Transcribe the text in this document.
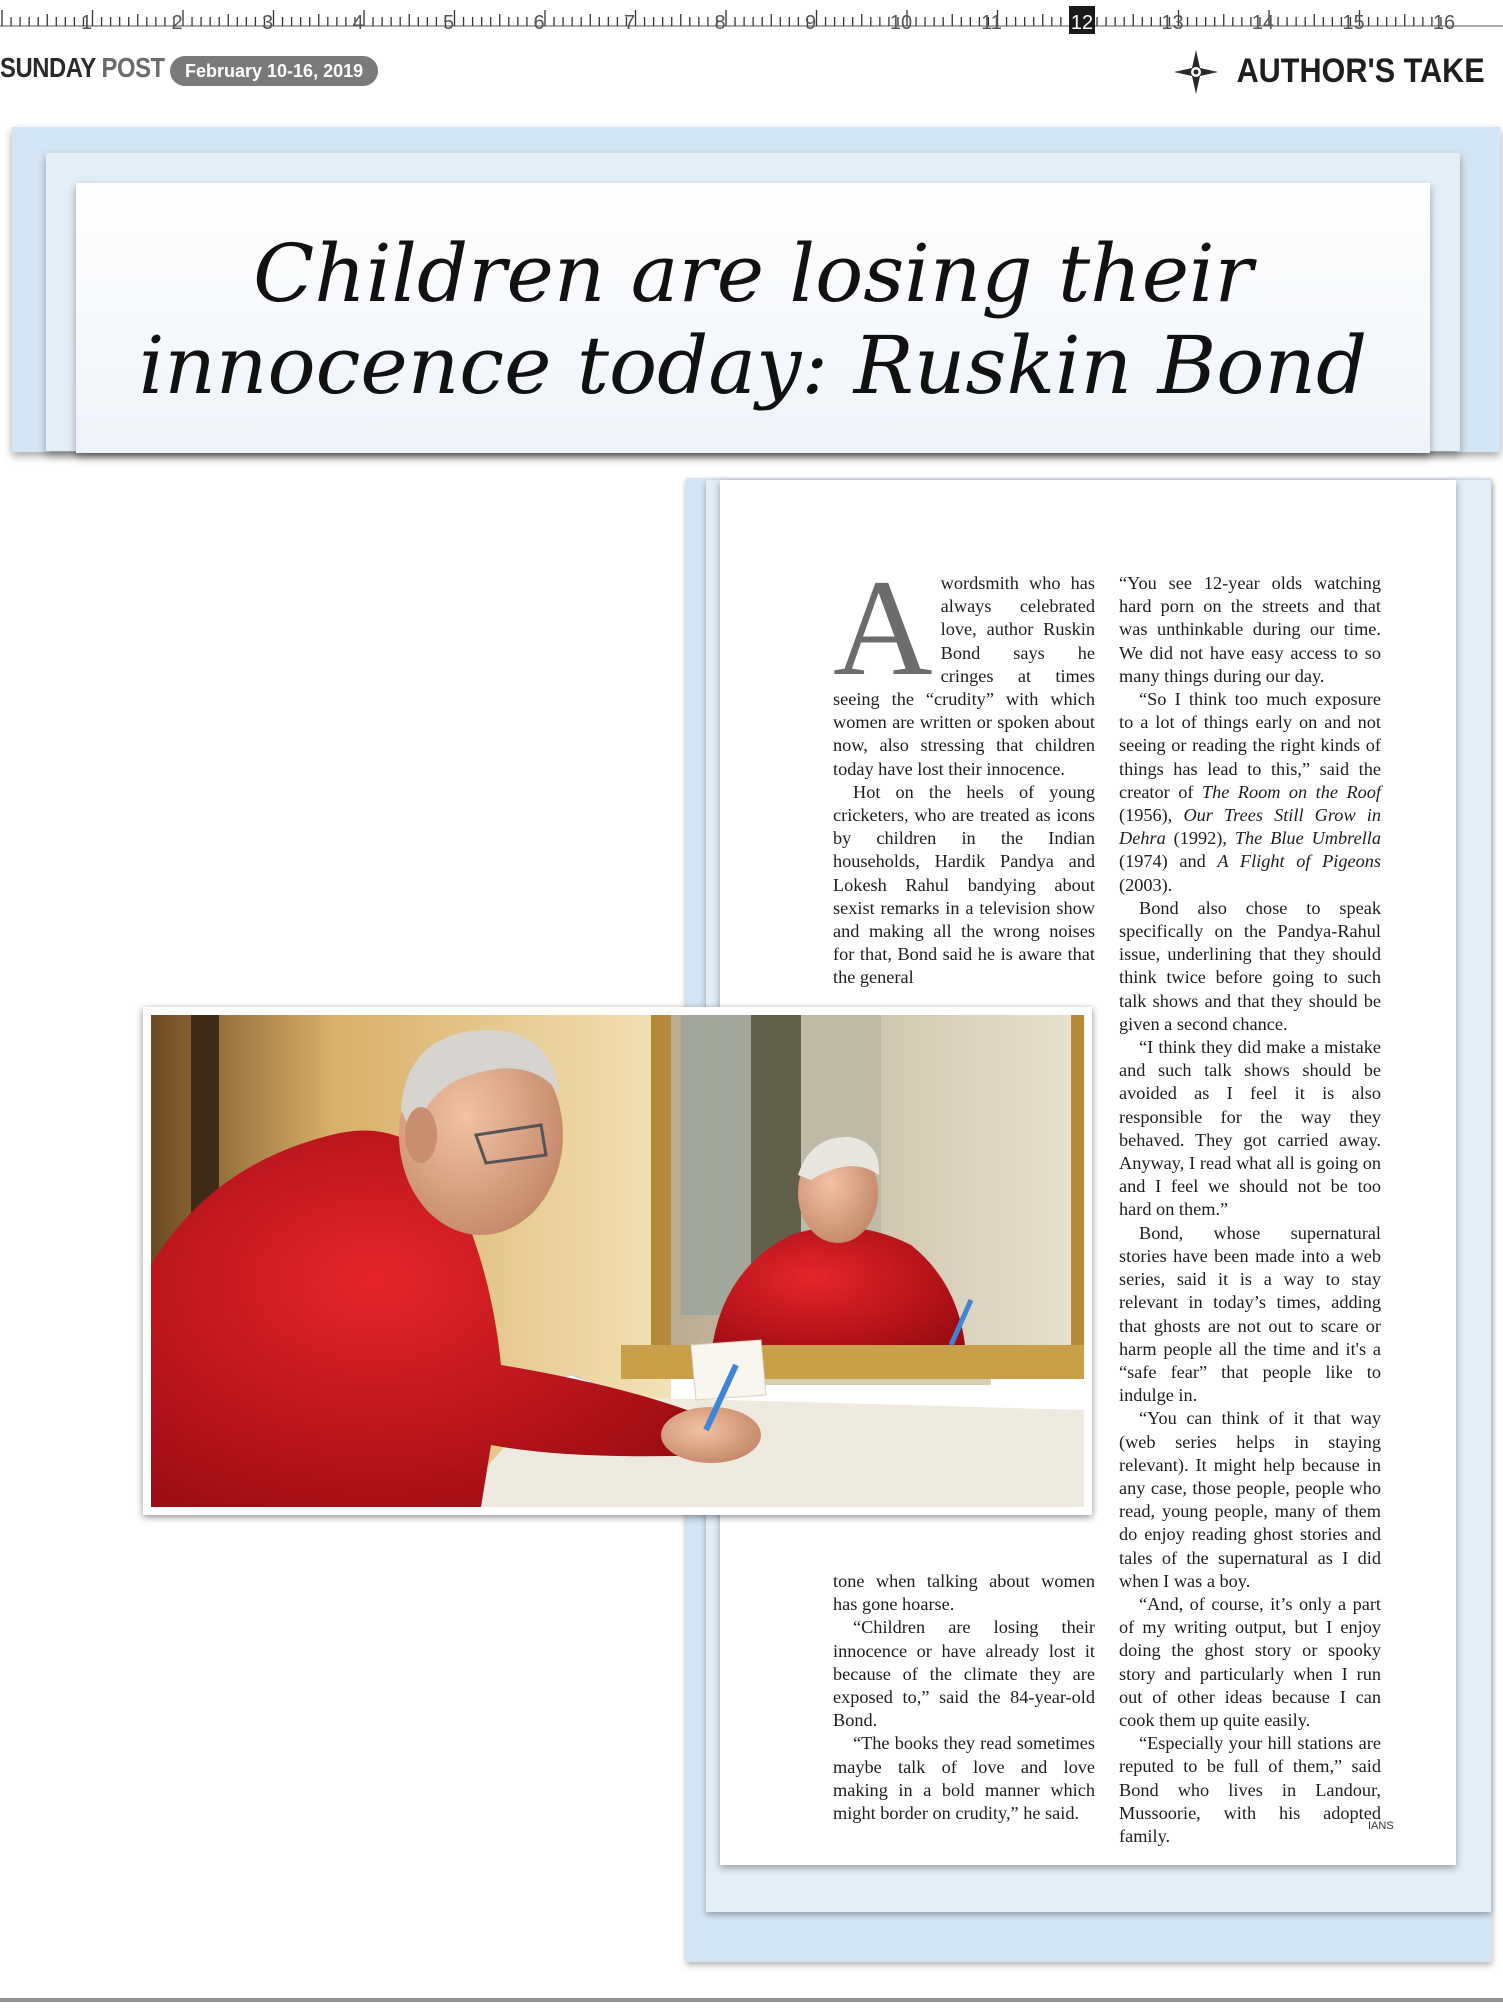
1	2	3	4	5	6	7	8	9	10	11	12	13	14	15	16
SUNDAY POST	February 10-16, 2019	AUTHOR'S TAKE
Children are losing their
innocence today: Ruskin Bond
A wordsmith who has always celebrated love, author Ruskin Bond says he cringes at times seeing the “crudity” with which women are written or spoken about now, also stressing that children today have lost their innocence.

Hot on the heels of young cricketers, who are treated as icons by children in the Indian households, Hardik Pandya and Lokesh Rahul bandying about sexist remarks in a television show and making all the wrong noises for that, Bond said he is aware that the general

tone when talking about women has gone hoarse.

“Children are losing their innocence or have already lost it because of the climate they are exposed to,” said the 84-year-old Bond.

“The books they read sometimes maybe talk of love and love making in a bold manner which might border on crudity,” he said.

“You see 12-year olds watching hard porn on the streets and that was unthinkable during our time. We did not have easy access to so many things during our day.

“So I think too much exposure to a lot of things early on and not seeing or reading the right kinds of things has lead to this,” said the creator of The Room on the Roof (1956), Our Trees Still Grow in Dehra (1992), The Blue Umbrella (1974) and A Flight of Pigeons (2003).

Bond also chose to speak specifically on the Pandya-Rahul issue, underlining that they should think twice before going to such talk shows and that they should be given a second chance.

“I think they did make a mistake and such talk shows should be avoided as I feel it is also responsible for the way they behaved. They got carried away. Anyway, I read what all is going on and I feel we should not be too hard on them.”

Bond, whose supernatural stories have been made into a web series, said it is a way to stay relevant in today’s times, adding that ghosts are not out to scare or harm people all the time and it's a “safe fear” that people like to indulge in.

“You can think of it that way (web series helps in staying relevant). It might help because in any case, those people, people who read, young people, many of them do enjoy reading ghost stories and tales of the supernatural as I did when I was a boy.

“And, of course, it’s only a part of my writing output, but I enjoy doing the ghost story or spooky story and particularly when I run out of other ideas because I can cook them up quite easily.

“Especially your hill stations are reputed to be full of them,” said Bond who lives in Landour, Mussoorie, with his adopted family.	IANS
